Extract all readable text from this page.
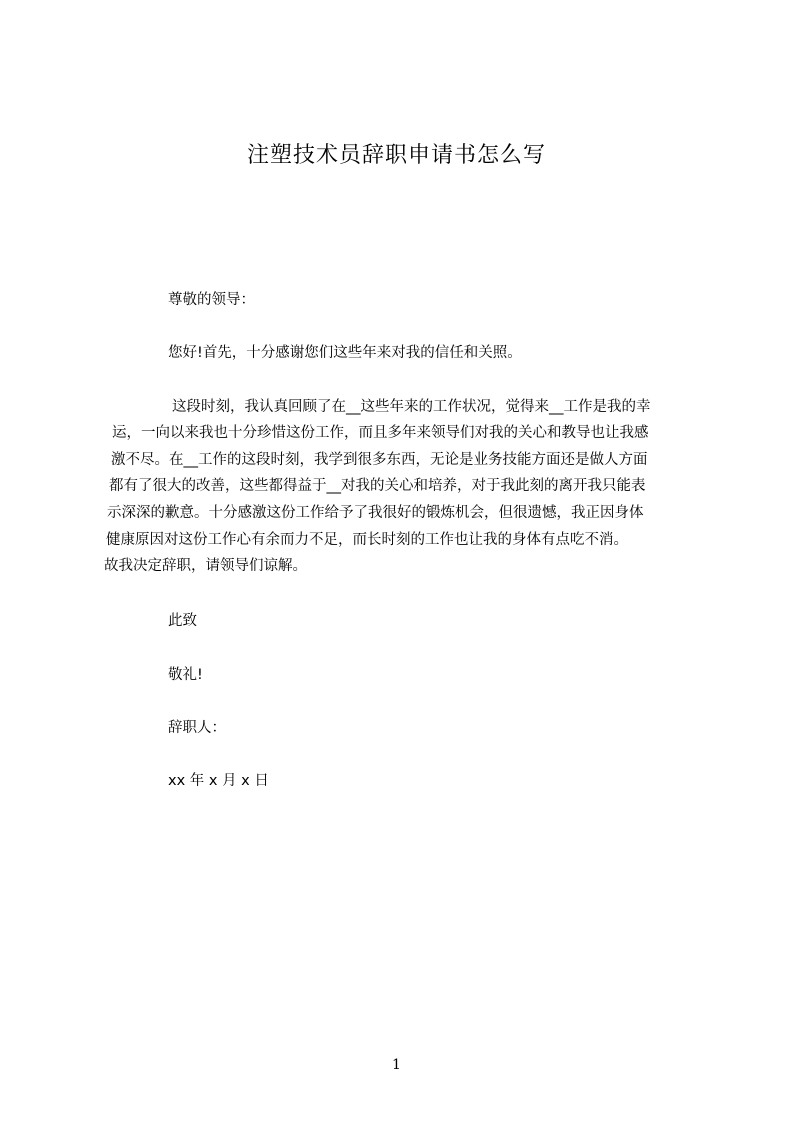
注塑技术员辞职申请书怎么写
尊敬的领导：
您好!首先，十分感谢您们这些年来对我的信任和关照。
这段时刻，我认真回顾了在__这些年来的工作状况，觉得来__工作是我的幸
运，一向以来我也十分珍惜这份工作，而且多年来领导们对我的关心和教导也让我感
激不尽。在__工作的这段时刻，我学到很多东西，无论是业务技能方面还是做人方面
都有了很大的改善，这些都得益于__对我的关心和培养，对于我此刻的离开我只能表
示深深的歉意。十分感激这份工作给予了我很好的锻炼机会，但很遗憾，我正因身体
健康原因对这份工作心有余而力不足，而长时刻的工作也让我的身体有点吃不消。
故我决定辞职，请领导们谅解。
此致
敬礼!
辞职人：
xx 年 x 月 x 日
1
